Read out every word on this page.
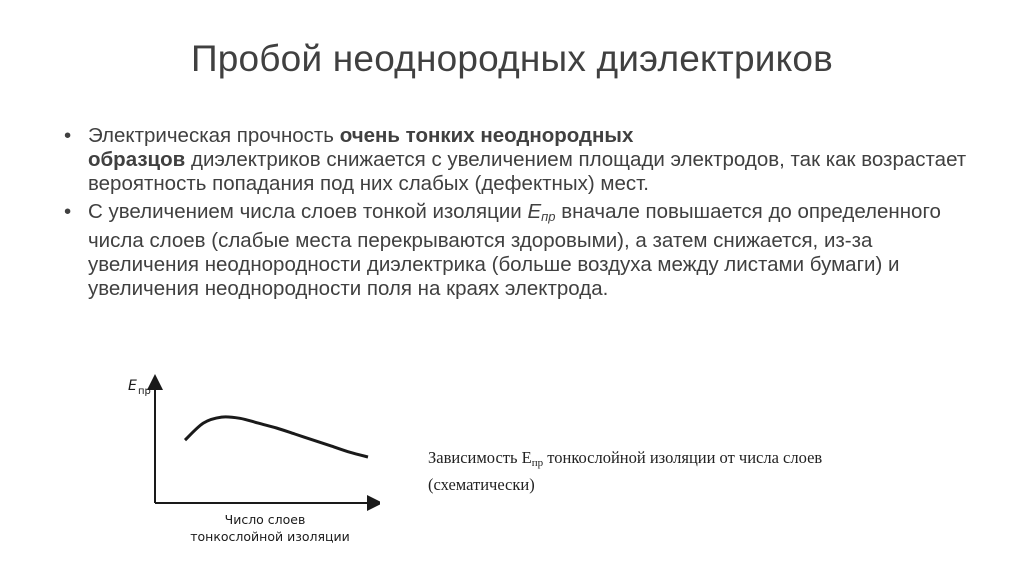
Пробой неоднородных диэлектриков
• Электрическая прочность очень тонких неоднородных
образцов диэлектриков снижается с увеличением площади электродов, так как возрастает вероятность попадания под них слабых (дефектных) мест.
• С увеличением числа слоев тонкой изоляции $E_{пр}$ вначале повышается до определенного числа слоев (слабые места перекрываются здоровыми), а затем снижается, из-за увеличения неоднородности диэлектрика (больше воздуха между листами бумаги) и увеличения неоднородности поля на краях электрода.
E пр
Число слоев
тонкослойной изоляции
Зависимость Eпр тонкослойной изоляции от числа слоев (схематически)
